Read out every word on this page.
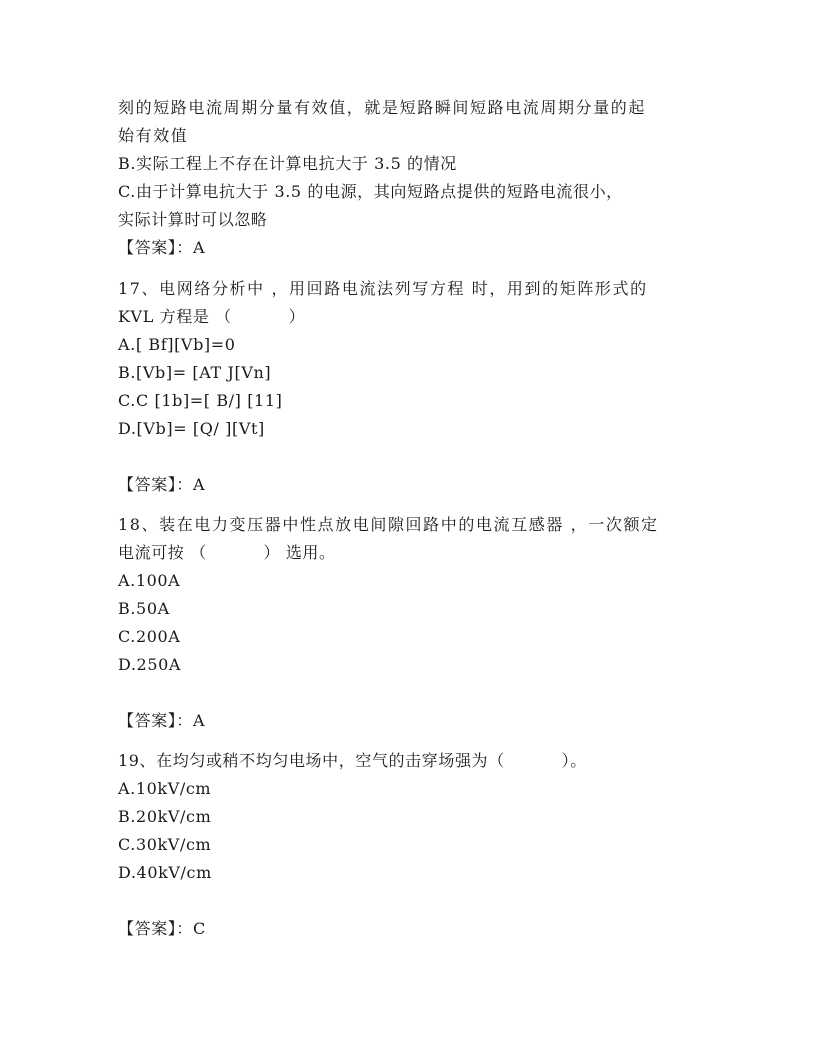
刻的短路电流周期分量有效值，就是短路瞬间短路电流周期分量的起
始有效值
B.实际工程上不存在计算电抗大于 3.5 的情况
C.由于计算电抗大于 3.5 的电源，其向短路点提供的短路电流很小，
实际计算时可以忽略
【答案】：A
17、电网络分析中 ，用回路电流法列写方程 时，用到的矩阵形式的
KVL 方程是 （          ）
A.[ Bf][Vb]=0
B.[Vb]= [AT J[Vn]
C.C [1b]=[ B/] [11]
D.[Vb]= [Q/ ][Vt]
【答案】：A
18、装在电力变压器中性点放电间隙回路中的电流互感器 ，一次额定
电流可按 （          ） 选用。
A.100A
B.50A
C.200A
D.250A
【答案】：A
19、在均匀或稍不均匀电场中，空气的击穿场强为（          ）。
A.10kV/cm
B.20kV/cm
C.30kV/cm
D.40kV/cm
【答案】：C
